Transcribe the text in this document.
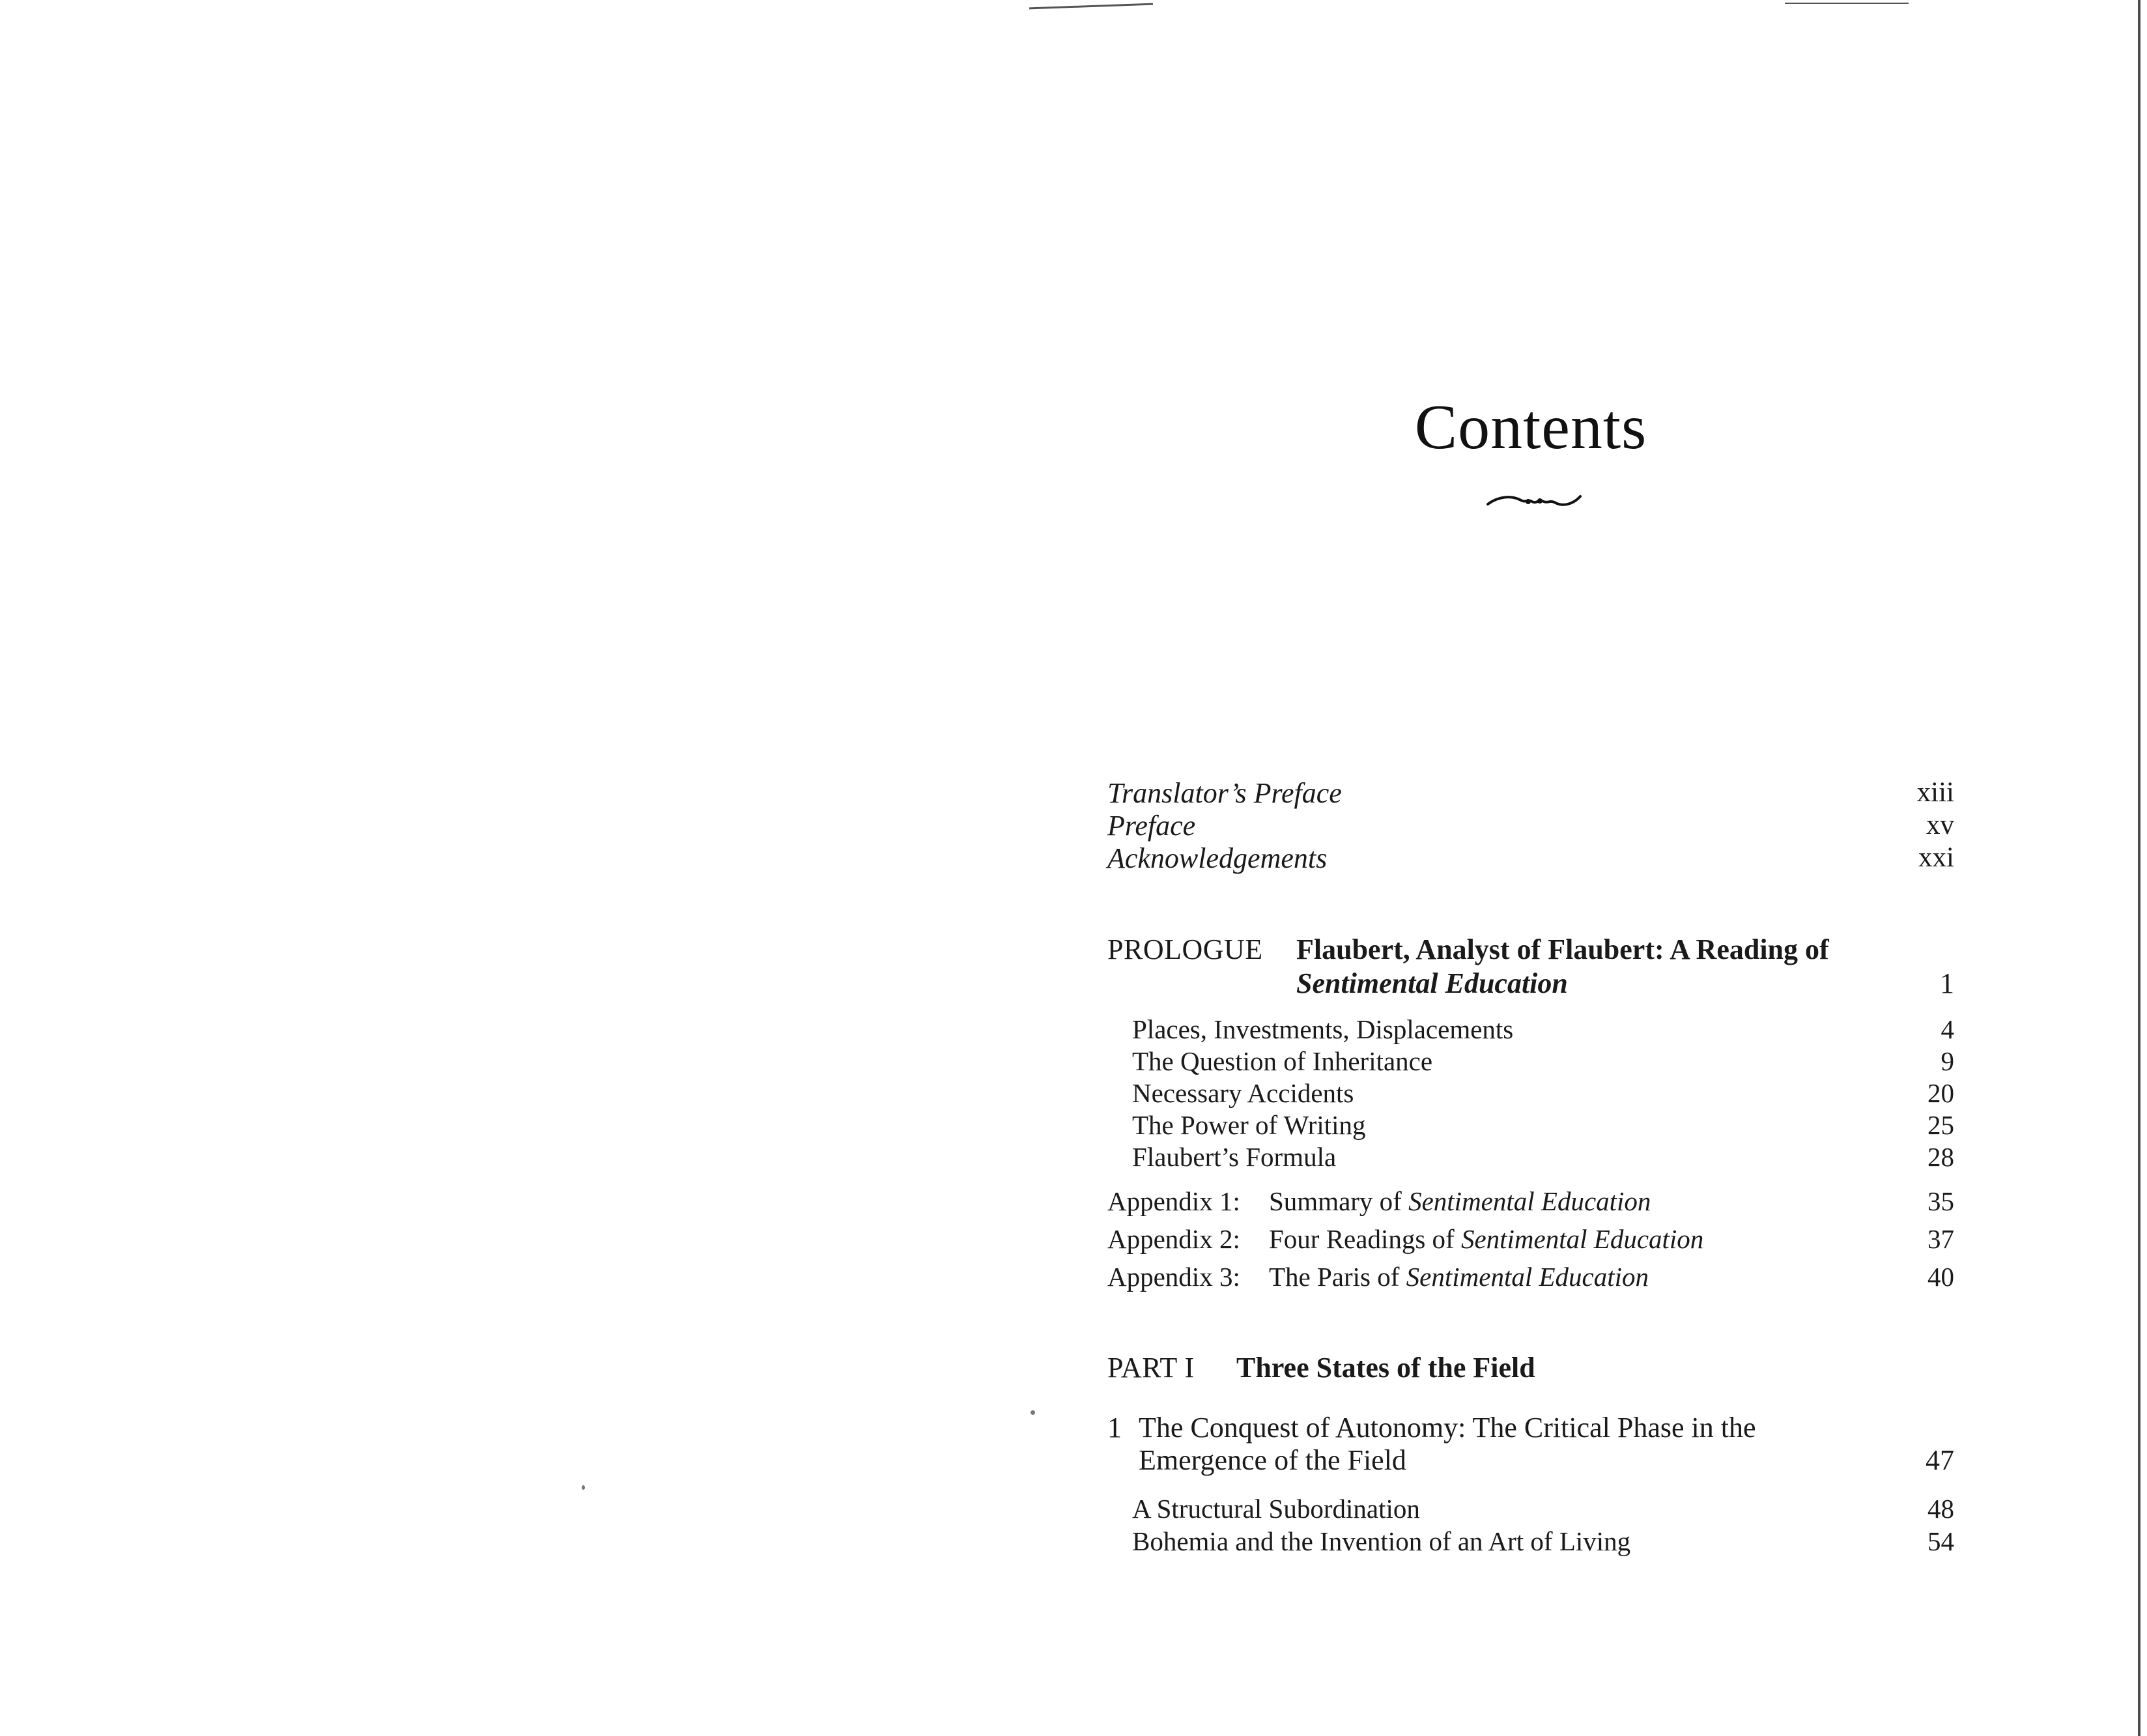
Contents
Translator’s Preface	xiii
Preface	xv
Acknowledgements	xxi
PROLOGUE Flaubert, Analyst of Flaubert: A Reading of
Sentimental Education	1
Places, Investments, Displacements	4
The Question of Inheritance	9
Necessary Accidents	20
The Power of Writing	25
Flaubert’s Formula	28
Appendix 1: Summary of Sentimental Education	35
Appendix 2: Four Readings of Sentimental Education	37
Appendix 3: The Paris of Sentimental Education	40
PART I Three States of the Field
1 The Conquest of Autonomy: The Critical Phase in the
Emergence of the Field	47
A Structural Subordination	48
Bohemia and the Invention of an Art of Living	54
